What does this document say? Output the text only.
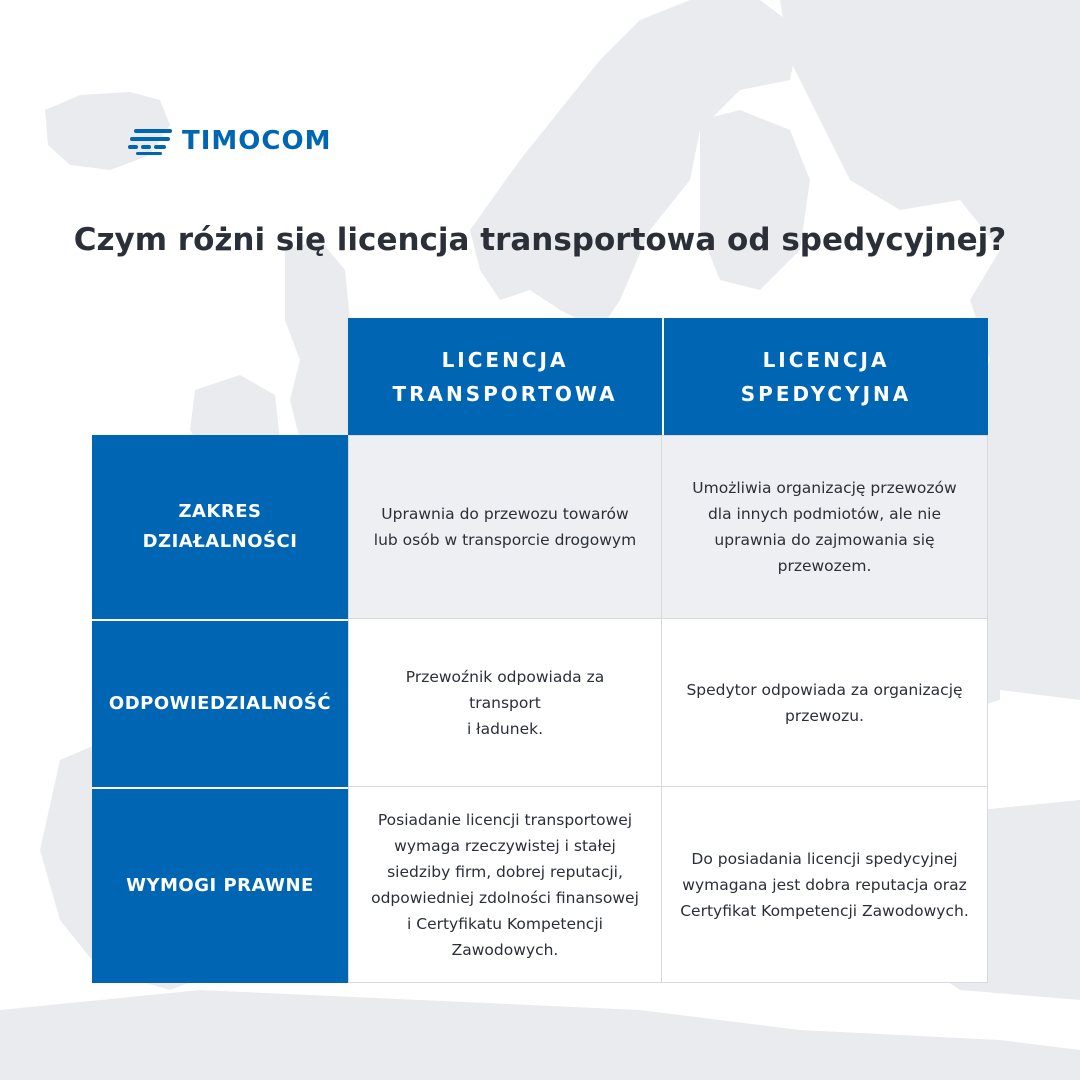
TIMOCOM
Czym różni się licencja transportowa od spedycyjnej?
LICENCJA
TRANSPORTOWA
LICENCJA
SPEDYCYJNA
ZAKRES
DZIAŁALNOŚCI
Uprawnia do przewozu towarów
lub osób w transporcie drogowym
Umożliwia organizację przewozów
dla innych podmiotów, ale nie
uprawnia do zajmowania się
przewozem.
ODPOWIEDZIALNOŚĆ
Przewoźnik odpowiada za
transport
i ładunek.
Spedytor odpowiada za organizację
przewozu.
WYMOGI PRAWNE
Posiadanie licencji transportowej
wymaga rzeczywistej i stałej
siedziby firm, dobrej reputacji,
odpowiedniej zdolności finansowej
i Certyfikatu Kompetencji
Zawodowych.
Do posiadania licencji spedycyjnej
wymagana jest dobra reputacja oraz
Certyfikat Kompetencji Zawodowych.
